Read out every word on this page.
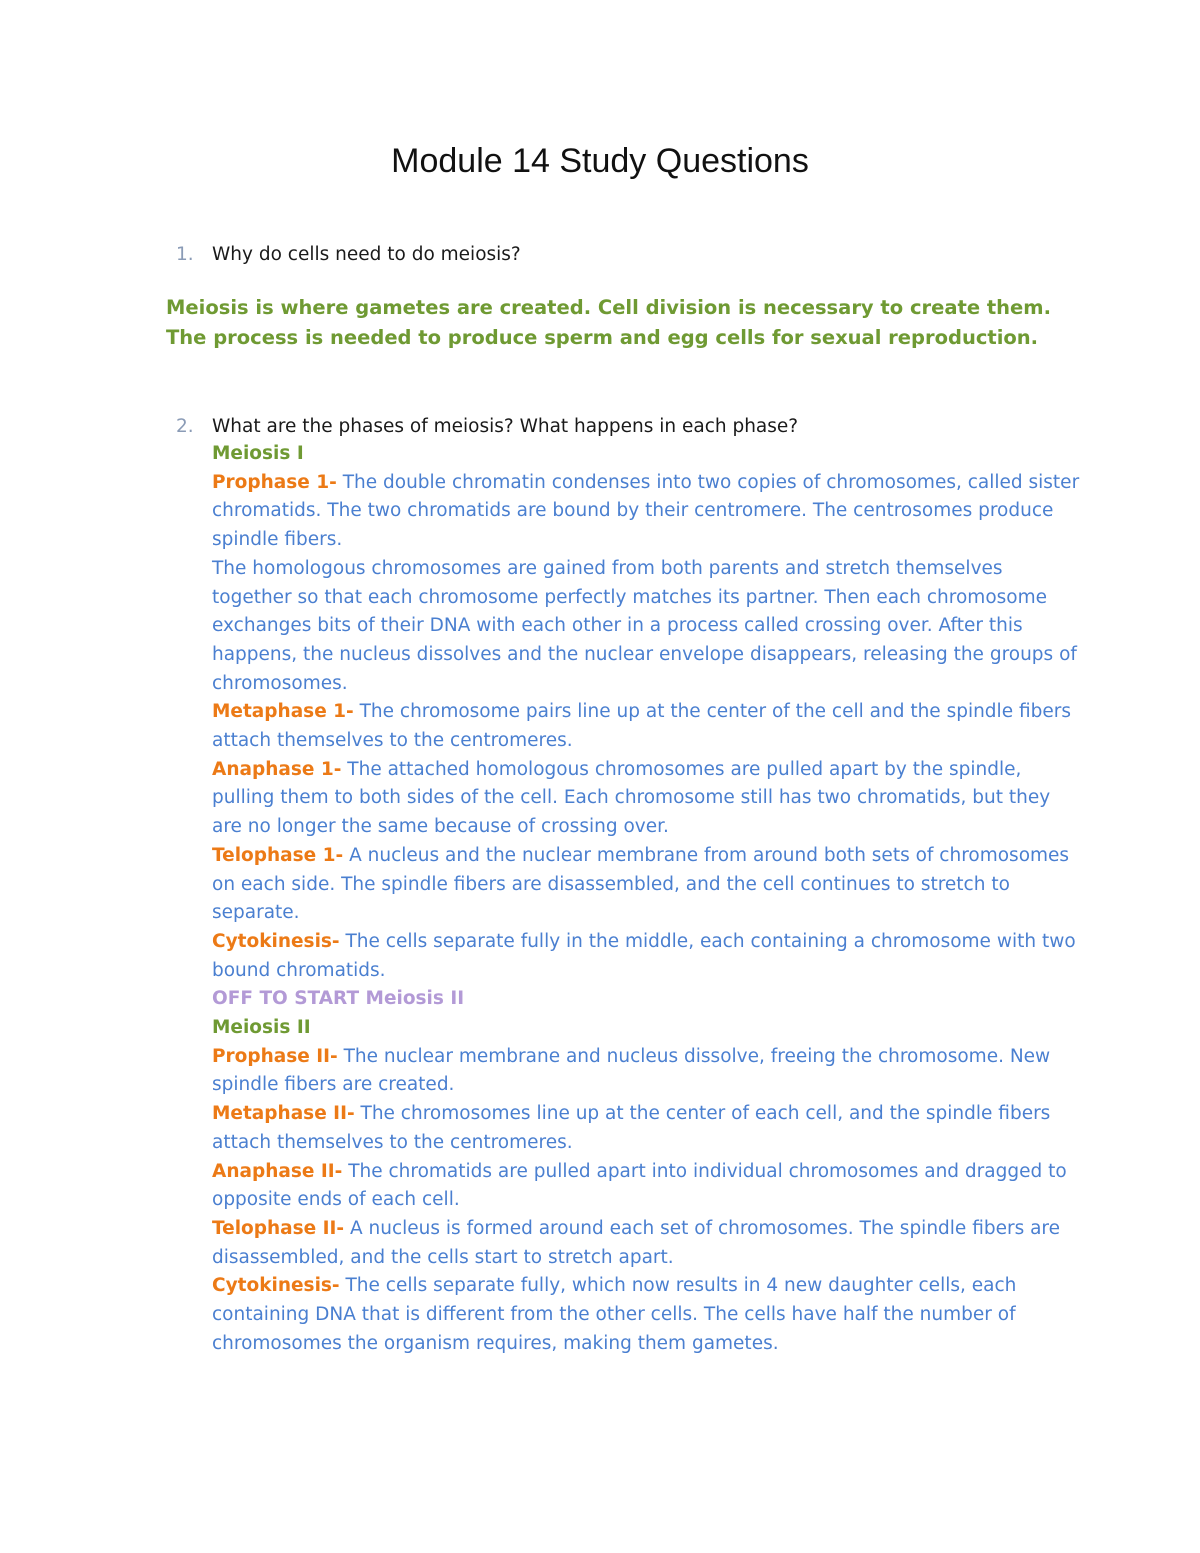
Module 14 Study Questions
1. Why do cells need to do meiosis?
Meiosis is where gametes are created. Cell division is necessary to create them. The process is needed to produce sperm and egg cells for sexual reproduction.
2. What are the phases of meiosis? What happens in each phase?

Meiosis I

Prophase 1- The double chromatin condenses into two copies of chromosomes, called sister chromatids. The two chromatids are bound by their centromere. The centrosomes produce spindle fibers.

The homologous chromosomes are gained from both parents and stretch themselves together so that each chromosome perfectly matches its partner. Then each chromosome exchanges bits of their DNA with each other in a process called crossing over. After this happens, the nucleus dissolves and the nuclear envelope disappears, releasing the groups of chromosomes.

Metaphase 1- The chromosome pairs line up at the center of the cell and the spindle fibers attach themselves to the centromeres.

Anaphase 1- The attached homologous chromosomes are pulled apart by the spindle, pulling them to both sides of the cell. Each chromosome still has two chromatids, but they are no longer the same because of crossing over.

Telophase 1- A nucleus and the nuclear membrane from around both sets of chromosomes on each side. The spindle fibers are disassembled, and the cell continues to stretch to separate.

Cytokinesis- The cells separate fully in the middle, each containing a chromosome with two bound chromatids.

OFF TO START Meiosis II

Meiosis II

Prophase II- The nuclear membrane and nucleus dissolve, freeing the chromosome. New spindle fibers are created.

Metaphase II- The chromosomes line up at the center of each cell, and the spindle fibers attach themselves to the centromeres.

Anaphase II- The chromatids are pulled apart into individual chromosomes and dragged to opposite ends of each cell.

Telophase II- A nucleus is formed around each set of chromosomes. The spindle fibers are disassembled, and the cells start to stretch apart.

Cytokinesis- The cells separate fully, which now results in 4 new daughter cells, each containing DNA that is different from the other cells. The cells have half the number of chromosomes the organism requires, making them gametes.
